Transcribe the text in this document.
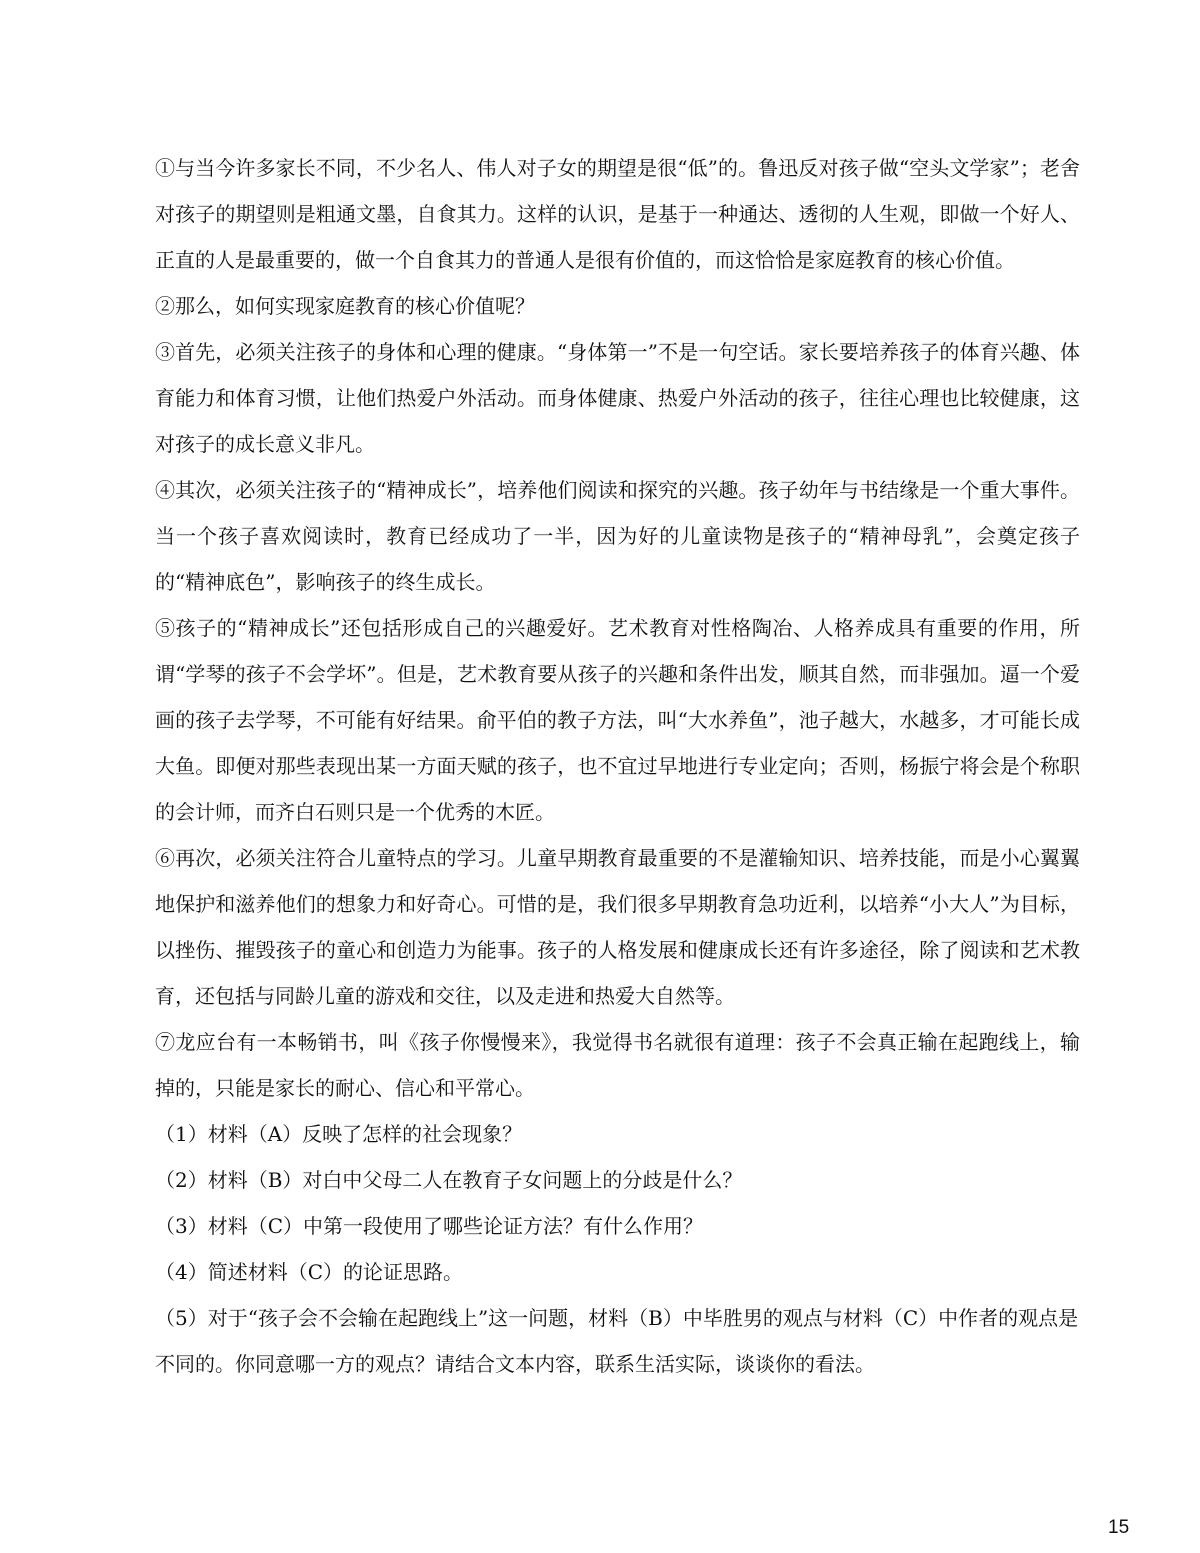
①与当今许多家长不同，不少名人、伟人对子女的期望是很“低”的。鲁迅反对孩子做“空头文学家”；老舍对孩子的期望则是粗通文墨，自食其力。这样的认识，是基于一种通达、透彻的人生观，即做一个好人、正直的人是最重要的，做一个自食其力的普通人是很有价值的，而这恰恰是家庭教育的核心价值。

②那么，如何实现家庭教育的核心价值呢？

③首先，必须关注孩子的身体和心理的健康。“身体第一”不是一句空话。家长要培养孩子的体育兴趣、体育能力和体育习惯，让他们热爱户外活动。而身体健康、热爱户外活动的孩子，往往心理也比较健康，这对孩子的成长意义非凡。

④其次，必须关注孩子的“精神成长”，培养他们阅读和探究的兴趣。孩子幼年与书结缘是一个重大事件。当一个孩子喜欢阅读时，教育已经成功了一半，因为好的儿童读物是孩子的“精神母乳”，会奠定孩子的“精神底色”，影响孩子的终生成长。

⑤孩子的“精神成长”还包括形成自己的兴趣爱好。艺术教育对性格陶冶、人格养成具有重要的作用，所谓“学琴的孩子不会学坏”。但是，艺术教育要从孩子的兴趣和条件出发，顺其自然，而非强加。逼一个爱画的孩子去学琴，不可能有好结果。俞平伯的教子方法，叫“大水养鱼”，池子越大，水越多，才可能长成大鱼。即便对那些表现出某一方面天赋的孩子，也不宜过早地进行专业定向；否则，杨振宁将会是个称职的会计师，而齐白石则只是一个优秀的木匠。

⑥再次，必须关注符合儿童特点的学习。儿童早期教育最重要的不是灌输知识、培养技能，而是小心翼翼地保护和滋养他们的想象力和好奇心。可惜的是，我们很多早期教育急功近利，以培养“小大人”为目标，以挫伤、摧毁孩子的童心和创造力为能事。孩子的人格发展和健康成长还有许多途径，除了阅读和艺术教育，还包括与同龄儿童的游戏和交往，以及走进和热爱大自然等。

⑦龙应台有一本畅销书，叫《孩子你慢慢来》，我觉得书名就很有道理：孩子不会真正输在起跑线上，输掉的，只能是家长的耐心、信心和平常心。

（1）材料（A）反映了怎样的社会现象？

（2）材料（B）对白中父母二人在教育子女问题上的分歧是什么？

（3）材料（C）中第一段使用了哪些论证方法？有什么作用？

（4）简述材料（C）的论证思路。

（5）对于“孩子会不会输在起跑线上”这一问题，材料（B）中毕胜男的观点与材料（C）中作者的观点是不同的。你同意哪一方的观点？请结合文本内容，联系生活实际，谈谈你的看法。

15
